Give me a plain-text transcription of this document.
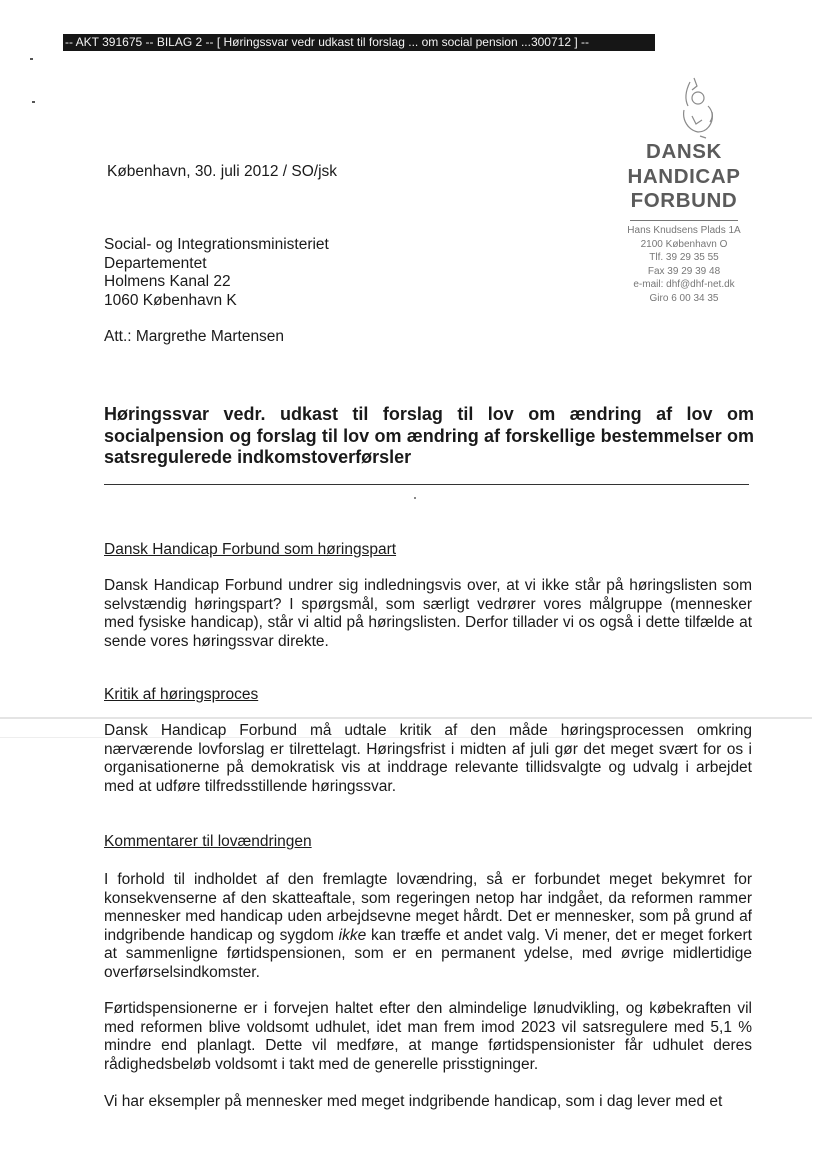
-- AKT 391675 -- BILAG 2 -- [ Høringssvar vedr udkast til forslag ... om social pension ...300712 ] --
DANSK
HANDICAP
FORBUND
Hans Knudsens Plads 1A
2100 København O
Tlf. 39 29 35 55
Fax 39 29 39 48
e-mail: dhf@dhf-net.dk
Giro 6 00 34 35
København, 30. juli 2012 / SO/jsk
Social- og Integrationsministeriet
Departementet
Holmens Kanal 22
1060 København K
Att.: Margrethe Martensen
Høringssvar vedr. udkast til forslag til lov om ændring af lov om socialpension og forslag til lov om ændring af forskellige bestemmelser om satsregulerede indkomstoverførsler
Dansk Handicap Forbund som høringspart
Dansk Handicap Forbund undrer sig indledningsvis over, at vi ikke står på høringslisten som selvstændig høringspart? I spørgsmål, som særligt vedrører vores målgruppe (mennesker med fysiske handicap), står vi altid på høringslisten. Derfor tillader vi os også i dette tilfælde at sende vores høringssvar direkte.
Kritik af høringsproces
Dansk Handicap Forbund må udtale kritik af den måde høringsprocessen omkring nærværende lovforslag er tilrettelagt. Høringsfrist i midten af juli gør det meget svært for os i organisationerne på demokratisk vis at inddrage relevante tillidsvalgte og udvalg i arbejdet med at udføre tilfredsstillende høringssvar.
Kommentarer til lovændringen
I forhold til indholdet af den fremlagte lovændring, så er forbundet meget bekymret for konsekvenserne af den skatteaftale, som regeringen netop har indgået, da reformen rammer mennesker med handicap uden arbejdsevne meget hårdt. Det er mennesker, som på grund af indgribende handicap og sygdom ikke kan træffe et andet valg. Vi mener, det er meget forkert at sammenligne førtidspensionen, som er en permanent ydelse, med øvrige midlertidige overførselsindkomster.
Førtidspensionerne er i forvejen haltet efter den almindelige lønudvikling, og købekraften vil med reformen blive voldsomt udhulet, idet man frem imod 2023 vil satsregulere med 5,1 % mindre end planlagt. Dette vil medføre, at mange førtidspensionister får udhulet deres rådighedsbeløb voldsomt i takt med de generelle prisstigninger.
Vi har eksempler på mennesker med meget indgribende handicap, som i dag lever med et
